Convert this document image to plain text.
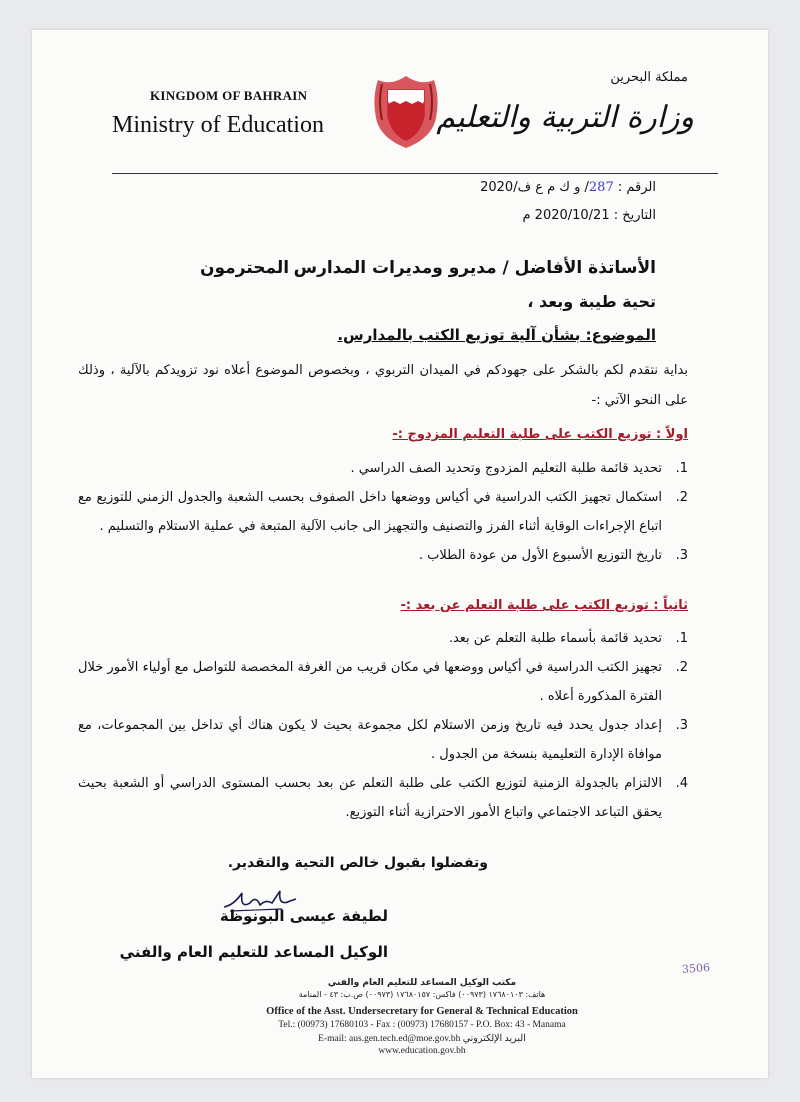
KINGDOM OF BAHRAIN
Ministry of Education
مملكة البحرين
وزارة التربية والتعليم
الرقم : 287/ و ك م ع ف/2020
التاريخ : 2020/10/21 م
الأساتذة الأفاضل / مديرو ومديرات المدارس
المحترمون
تحية طيبة وبعد ،
الموضوع: بشأن آلية توزيع الكتب بالمدارس.
بداية نتقدم لكم بالشكر على جهودكم في الميدان التربوي ، وبخصوص الموضوع أعلاه نود تزويدكم بالآلية ، وذلك على النحو الآتي :-
اولاً : توزيع الكتب على طلبة التعليم المزدوج :-
1.
تحديد قائمة طلبة التعليم المزدوج وتحديد الصف الدراسي .
2.
استكمال تجهيز الكتب الدراسية في أكياس ووضعها داخل الصفوف بحسب الشعبة والجدول الزمني للتوزيع مع اتباع الإجراءات الوقاية أثناء الفرز والتصنيف والتجهيز الى جانب الآلية المتبعة في عملية الاستلام والتسليم .
3.
تاريخ التوزيع الأسبوع الأول من عودة الطلاب .
ثانياً : توزيع الكتب على طلبة التعلم عن بعد :-
1.
تحديد قائمة بأسماء طلبة التعلم عن بعد.
2.
تجهيز الكتب الدراسية في أكياس ووضعها في مكان قريب من الغرفة المخصصة للتواصل مع أولياء الأمور خلال الفترة المذكورة أعلاه .
3.
إعداد جدول يحدد فيه تاريخ وزمن الاستلام لكل مجموعة بحيث لا يكون هناك أي تداخل بين المجموعات، مع موافاة الإدارة التعليمية بنسخة من الجدول .
4.
الالتزام بالجدولة الزمنية لتوزيع الكتب على طلبة التعلم عن بعد بحسب المستوى الدراسي أو الشعبة بحيث يحقق التباعد الاجتماعي واتباع الأمور الاحترازية أثناء التوزيع.
وتفضلوا بقبول خالص التحية والتقدير.
لطيفة عيسى البونوظة
الوكيل المساعد للتعليم العام والفني
3506
مكتب الوكيل المساعد للتعليم العام والفني
هاتف: ١٧٦٨٠١٠٣ (٠٠٩٧٣) فاكس: ١٧٦٨٠١٥٧ (٠٠٩٧٣) ص.ب: ٤٣ - المنامة
Office of the Asst. Undersecretary for General & Technical Education
Tel.: (00973) 17680103 - Fax : (00973) 17680157 - P.O. Box: 43 - Manama
E-mail: aus.gen.tech.ed@moe.gov.bh البريد الإلكتروني
www.education.gov.bh
